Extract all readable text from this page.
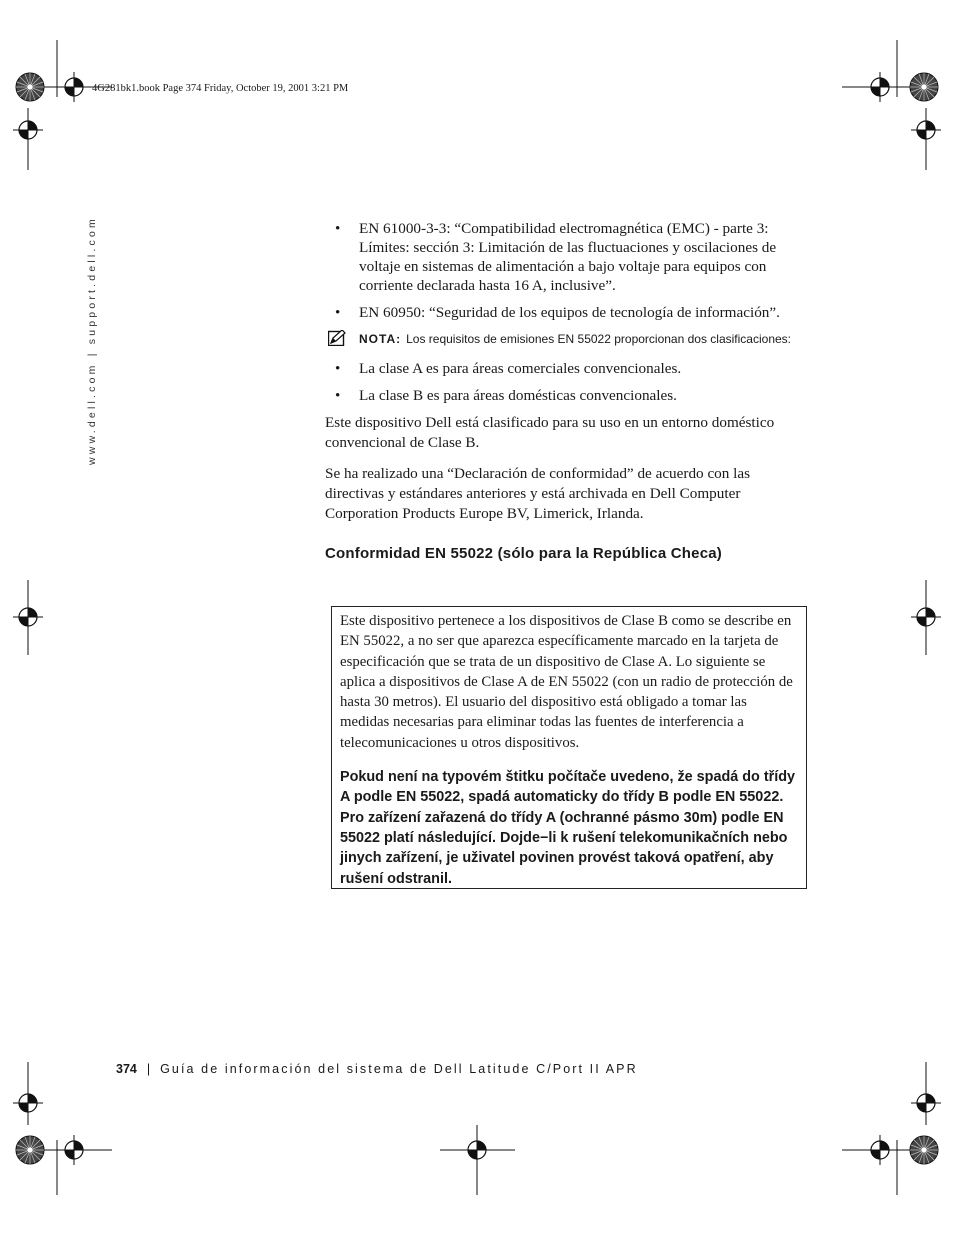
4G281bk1.book Page 374 Friday, October 19, 2001 3:21 PM
www.dell.com | support.dell.com	• EN 61000-3-3: “Compatibilidad electromagnética (EMC) - parte 3: Límites: sección 3: Limitación de las fluctuaciones y oscilaciones de voltaje en sistemas de alimentación a bajo voltaje para equipos con corriente declarada hasta 16 A, inclusive”.
• EN 60950: “Seguridad de los equipos de tecnología de información”.
NOTA: Los requisitos de emisiones EN 55022 proporcionan dos clasificaciones:
• La clase A es para áreas comerciales convencionales.
• La clase B es para áreas domésticas convencionales.

Este dispositivo Dell está clasificado para su uso en un entorno doméstico convencional de Clase B.

Se ha realizado una “Declaración de conformidad” de acuerdo con las directivas y estándares anteriores y está archivada en Dell Computer Corporation Products Europe BV, Limerick, Irlanda.

Conformidad EN 55022 (sólo para la República Checa)

Este dispositivo pertenece a los dispositivos de Clase B como se describe en EN 55022, a no ser que aparezca específicamente marcado en la tarjeta de especificación que se trata de un dispositivo de Clase A. Lo siguiente se aplica a dispositivos de Clase A de EN 55022 (con un radio de protección de hasta 30 metros). El usuario del dispositivo está obligado a tomar las medidas necesarias para eliminar todas las fuentes de interferencia a telecomunicaciones u otros dispositivos.

Pokud není na typovém štitku počítače uvedeno, že spadá do třídy A podle EN 55022, spadá automaticky do třídy B podle EN 55022. Pro zařízení zařazená do třídy A (ochranné pásmo 30m) podle EN 55022 platí následující. Dojde−li k rušení telekomunikačních nebo jinych zařízení, je uživatel povinen provést taková opatření, aby rušení odstranil.

374 | Guía de información del sistema de Dell Latitude C/Port II APR
